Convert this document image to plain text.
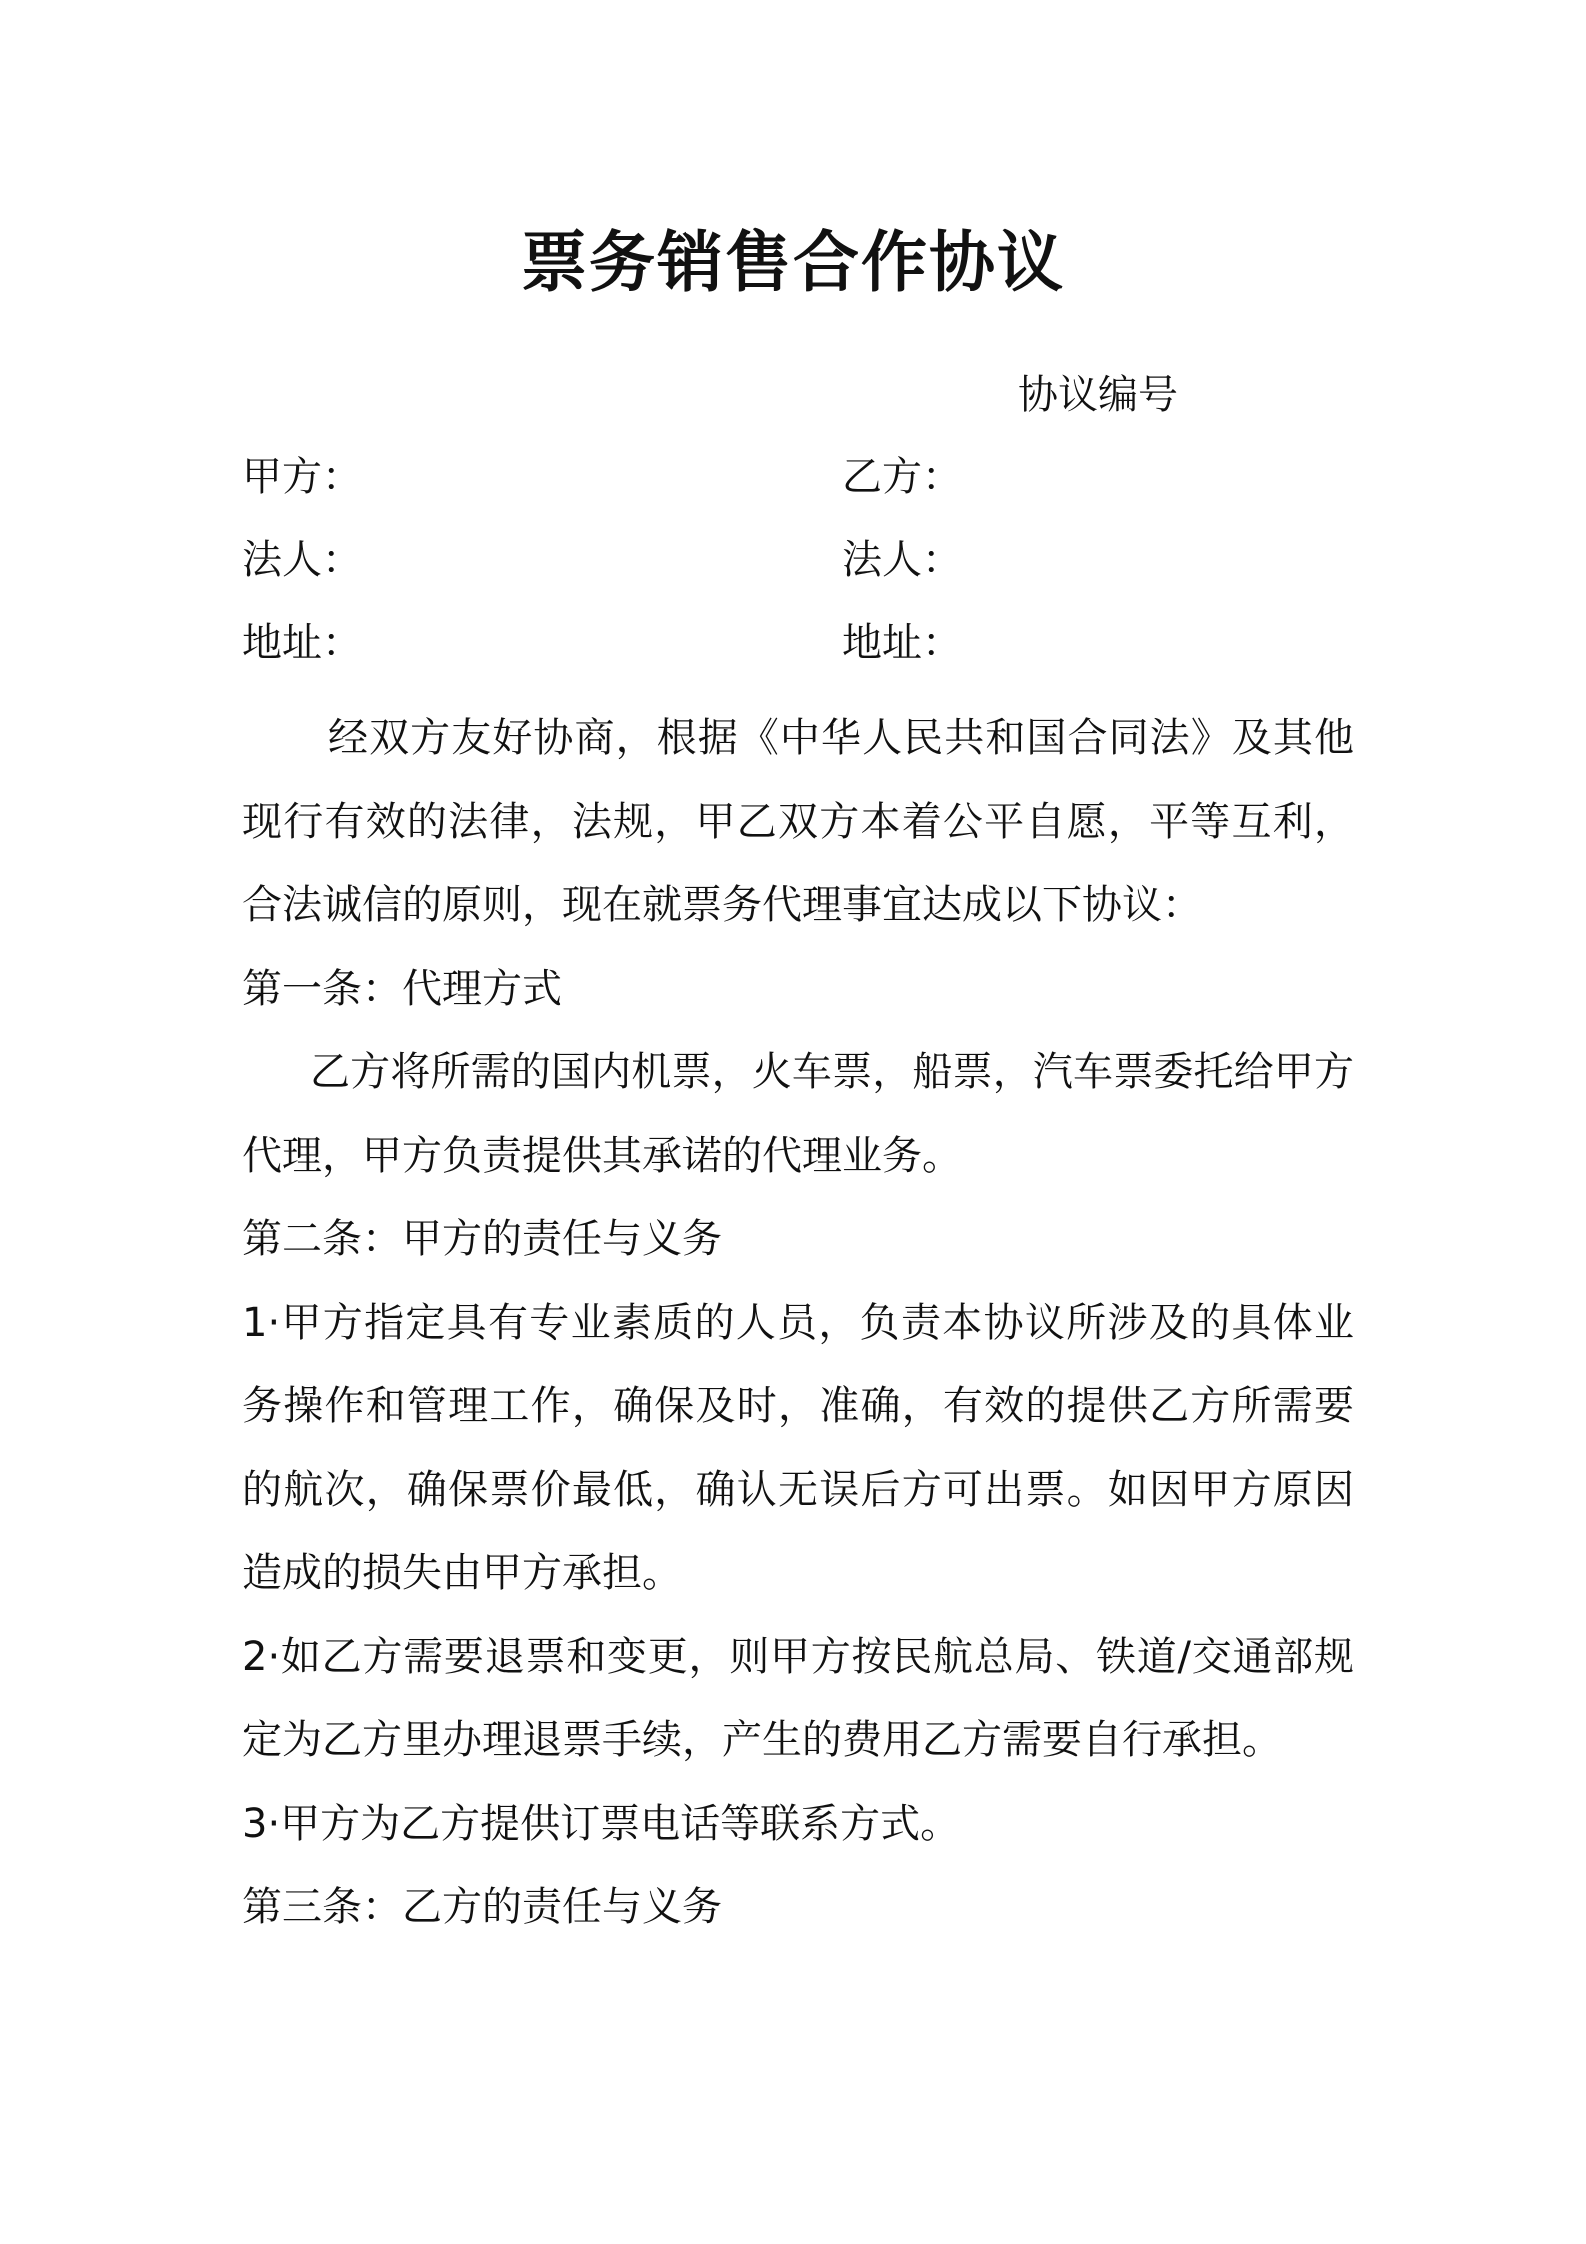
票务销售合作协议
协议编号
甲方：	乙方：
法人：	法人：
地址：	地址：

经双方友好协商，根据《中华人民共和国合同法》及其他现行有效的法律，法规，甲乙双方本着公平自愿，平等互利，合法诚信的原则，现在就票务代理事宜达成以下协议：

第一条：代理方式

乙方将所需的国内机票，火车票，船票，汽车票委托给甲方代理，甲方负责提供其承诺的代理业务。

第二条：甲方的责任与义务

1·甲方指定具有专业素质的人员，负责本协议所涉及的具体业务操作和管理工作，确保及时，准确，有效的提供乙方所需要的航次，确保票价最低，确认无误后方可出票。如因甲方原因造成的损失由甲方承担。

2·如乙方需要退票和变更，则甲方按民航总局、铁道/交通部规定为乙方里办理退票手续，产生的费用乙方需要自行承担。

3·甲方为乙方提供订票电话等联系方式。

第三条：乙方的责任与义务
